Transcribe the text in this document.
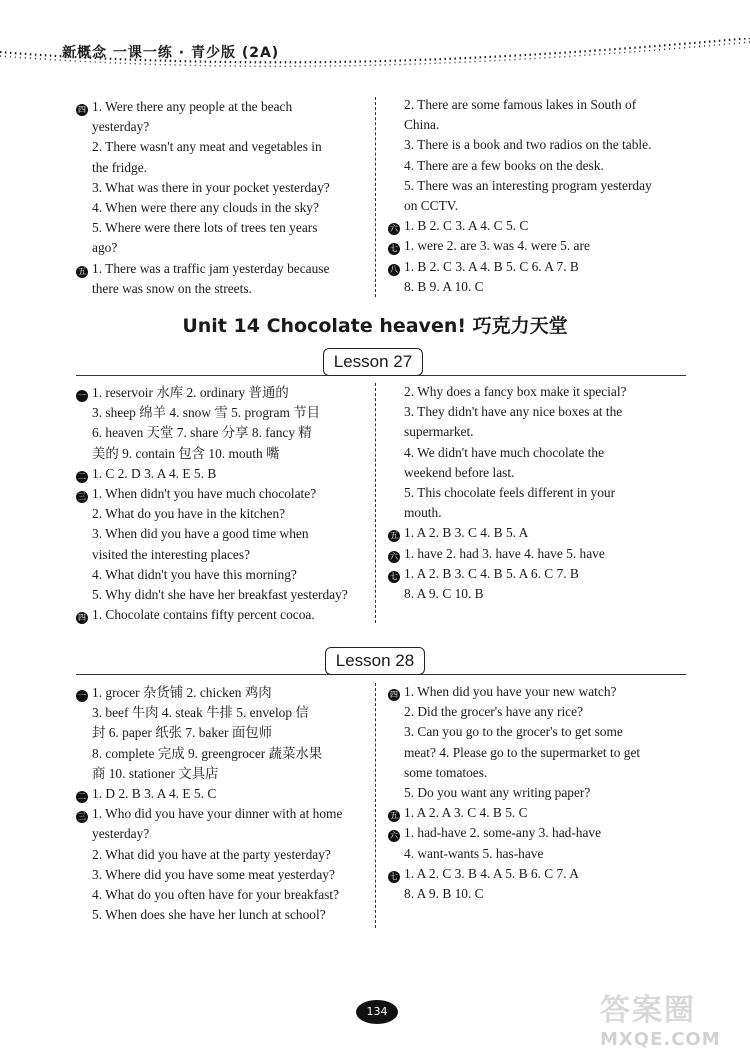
新概念 一课一练 · 青少版 (2A)

四 1. Were there any people at the beach

yesterday?

2. There wasn't any meat and vegetables in

the fridge.

3. What was there in your pocket yesterday?

4. When were there any clouds in the sky?

5. Where were there lots of trees ten years

ago?

五 1. There was a traffic jam yesterday because

there was snow on the streets.

2. There are some famous lakes in South of

China.

3. There is a book and two radios on the table.

4. There are a few books on the desk.

5. There was an interesting program yesterday

on CCTV.

六 1. B 2. C 3. A 4. C 5. C

七 1. were 2. are 3. was 4. were 5. are

八 1. B 2. C 3. A 4. B 5. C 6. A 7. B

8. B 9. A 10. C

Unit 14 Chocolate heaven! 巧克力天堂
Lesson 27

一 1. reservoir 水库 2. ordinary 普通的

3. sheep 绵羊 4. snow 雪 5. program 节目

6. heaven 天堂 7. share 分享 8. fancy 精

美的 9. contain 包含 10. mouth 嘴

二 1. C 2. D 3. A 4. E 5. B

三 1. When didn't you have much chocolate?

2. What do you have in the kitchen?

3. When did you have a good time when

visited the interesting places?

4. What didn't you have this morning?

5. Why didn't she have her breakfast yesterday?

四 1. Chocolate contains fifty percent cocoa.

2. Why does a fancy box make it special?

3. They didn't have any nice boxes at the

supermarket.

4. We didn't have much chocolate the

weekend before last.

5. This chocolate feels different in your

mouth.

五 1. A 2. B 3. C 4. B 5. A

六 1. have 2. had 3. have 4. have 5. have

七 1. A 2. B 3. C 4. B 5. A 6. C 7. B

8. A 9. C 10. B

Lesson 28

一 1. grocer 杂货铺 2. chicken 鸡肉

3. beef 牛肉 4. steak 牛排 5. envelop 信

封 6. paper 纸张 7. baker 面包师

8. complete 完成 9. greengrocer 蔬菜水果

商 10. stationer 文具店

二 1. D 2. B 3. A 4. E 5. C

三 1. Who did you have your dinner with at home

yesterday?

2. What did you have at the party yesterday?

3. Where did you have some meat yesterday?

4. What do you often have for your breakfast?

5. When does she have her lunch at school?

四 1. When did you have your new watch?

2. Did the grocer's have any rice?

3. Can you go to the grocer's to get some

meat? 4. Please go to the supermarket to get

some tomatoes.

5. Do you want any writing paper?

五 1. A 2. A 3. C 4. B 5. C

六 1. had-have 2. some-any 3. had-have

4. want-wants 5. has-have

七 1. A 2. C 3. B 4. A 5. B 6. C 7. A

8. A 9. B 10. C

134	答案圈
MXQE.COM
